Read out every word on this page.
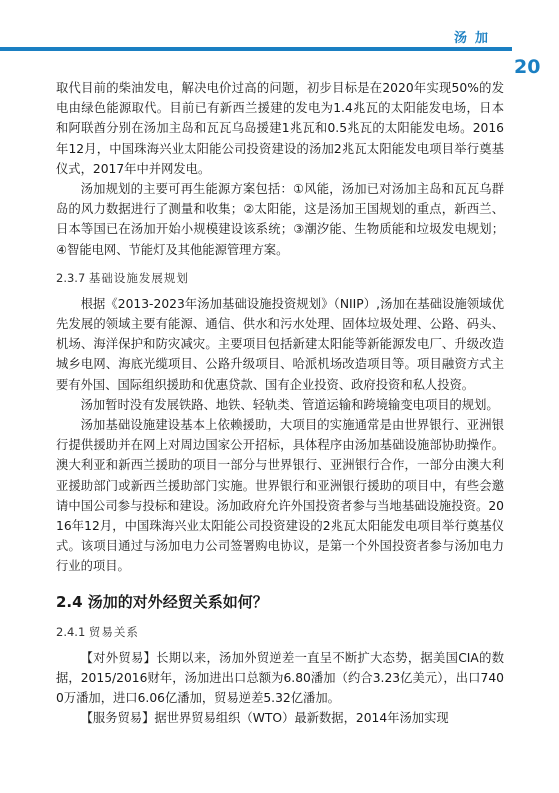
汤加
20

取代目前的柴油发电，解决电价过高的问题，初步目标是在2020年实现50%的发电由绿色能源取代。目前已有新西兰援建的发电为1.4兆瓦的太阳能发电场，日本和阿联酋分别在汤加主岛和瓦瓦乌岛援建1兆瓦和0.5兆瓦的太阳能发电场。2016年12月，中国珠海兴业太阳能公司投资建设的汤加2兆瓦太阳能发电项目举行奠基仪式，2017年中并网发电。

汤加规划的主要可再生能源方案包括：①风能，汤加已对汤加主岛和瓦瓦乌群岛的风力数据进行了测量和收集；②太阳能，这是汤加王国规划的重点，新西兰、日本等国已在汤加开始小规模建设该系统；③潮汐能、生物质能和垃圾发电规划；④智能电网、节能灯及其他能源管理方案。

2.3.7 基础设施发展规划

根据《2013-2023年汤加基础设施投资规划》（NIIP）,汤加在基础设施领域优先发展的领域主要有能源、通信、供水和污水处理、固体垃圾处理、公路、码头、机场、海洋保护和防灾减灾。主要项目包括新建太阳能等新能源发电厂、升级改造城乡电网、海底光缆项目、公路升级项目、哈派机场改造项目等。项目融资方式主要有外国、国际组织援助和优惠贷款、国有企业投资、政府投资和私人投资。

汤加暂时没有发展铁路、地铁、轻轨类、管道运输和跨境输变电项目的规划。

汤加基础设施建设基本上依赖援助，大项目的实施通常是由世界银行、亚洲银行提供援助并在网上对周边国家公开招标，具体程序由汤加基础设施部协助操作。澳大利亚和新西兰援助的项目一部分与世界银行、亚洲银行合作，一部分由澳大利亚援助部门或新西兰援助部门实施。世界银行和亚洲银行援助的项目中，有些会邀请中国公司参与投标和建设。汤加政府允许外国投资者参与当地基础设施投资。2016年12月，中国珠海兴业太阳能公司投资建设的2兆瓦太阳能发电项目举行奠基仪式。该项目通过与汤加电力公司签署购电协议，是第一个外国投资者参与汤加电力行业的项目。

2.4 汤加的对外经贸关系如何？
2.4.1 贸易关系

【对外贸易】长期以来，汤加外贸逆差一直呈不断扩大态势，据美国CIA的数据，2015/2016财年，汤加进出口总额为6.80潘加（约合3.23亿美元），出口7400万潘加，进口6.06亿潘加，贸易逆差5.32亿潘加。

【服务贸易】据世界贸易组织（WTO）最新数据，2014年汤加实现
